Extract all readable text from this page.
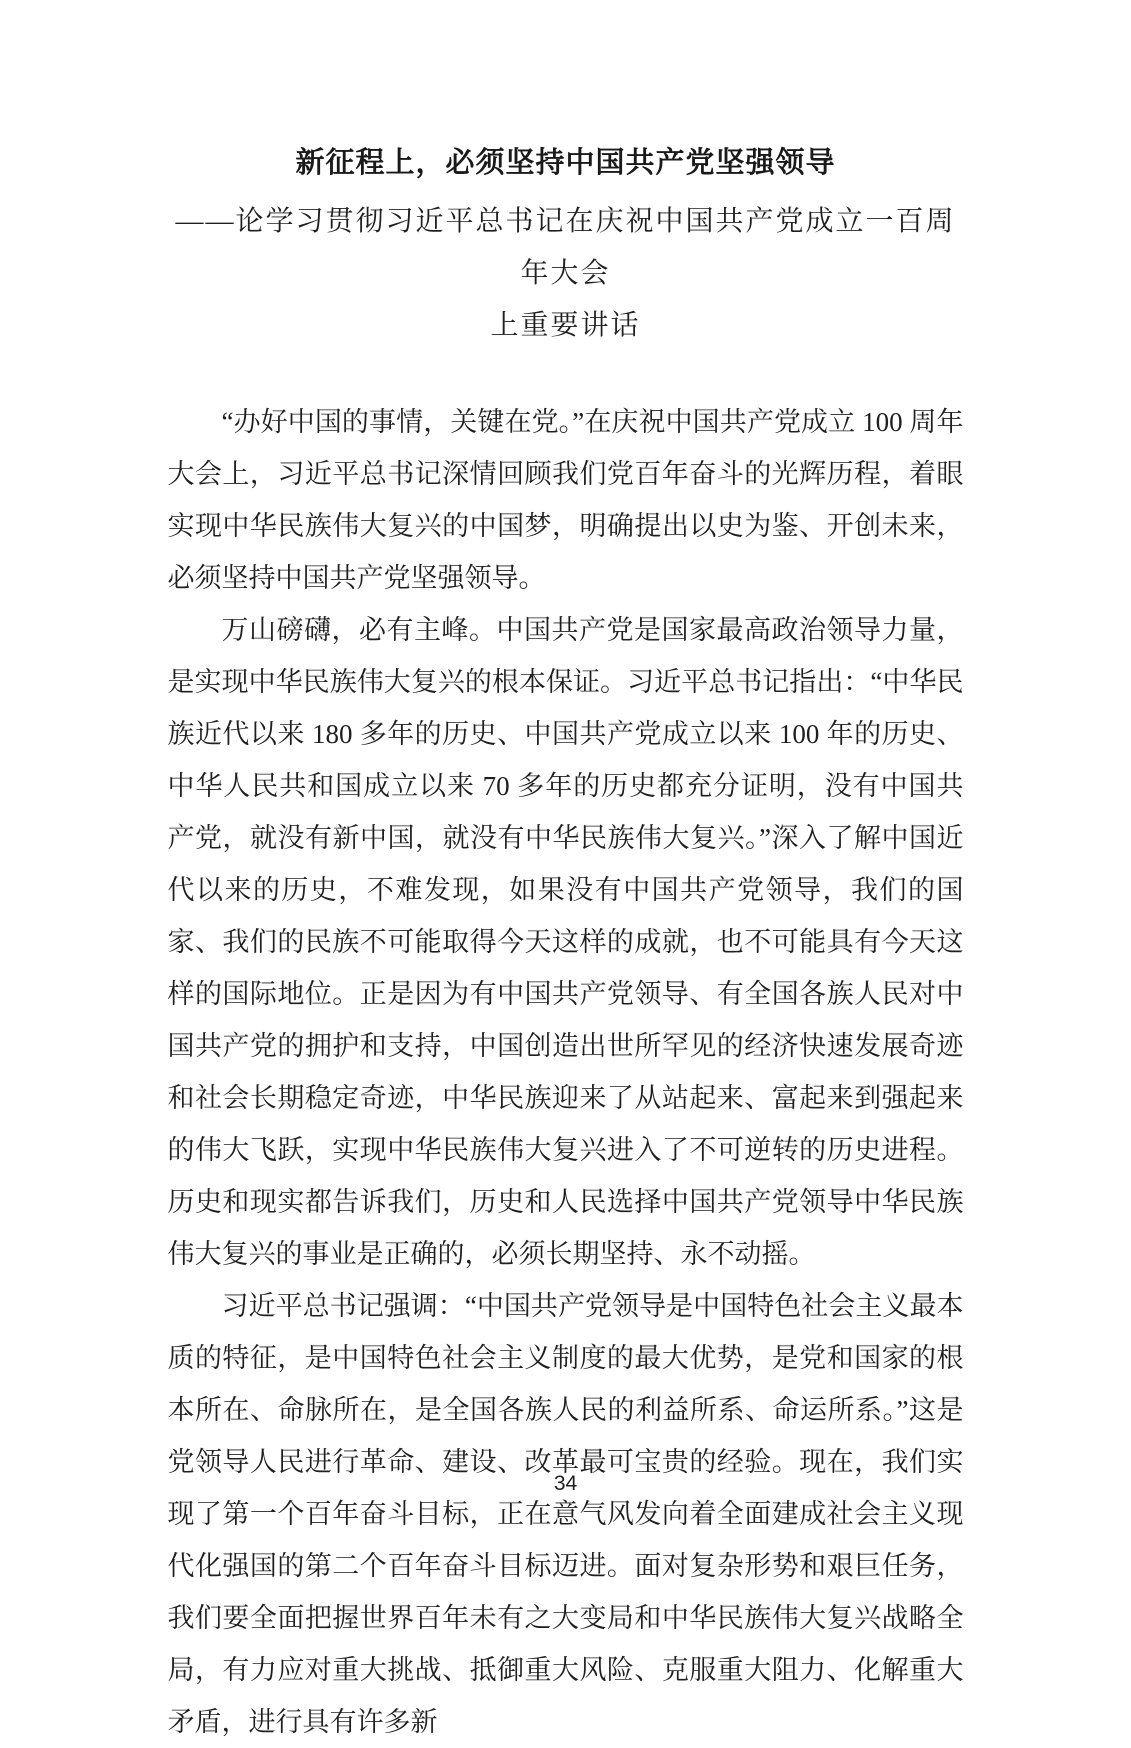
新征程上，必须坚持中国共产党坚强领导
——论学习贯彻习近平总书记在庆祝中国共产党成立一百周年大会
上重要讲话

“办好中国的事情，关键在党。”在庆祝中国共产党成立 100 周年大会上，习近平总书记深情回顾我们党百年奋斗的光辉历程，着眼实现中华民族伟大复兴的中国梦，明确提出以史为鉴、开创未来，必须坚持中国共产党坚强领导。

万山磅礴，必有主峰。中国共产党是国家最高政治领导力量，是实现中华民族伟大复兴的根本保证。习近平总书记指出：“中华民族近代以来 180 多年的历史、中国共产党成立以来 100 年的历史、中华人民共和国成立以来 70 多年的历史都充分证明，没有中国共产党，就没有新中国，就没有中华民族伟大复兴。”深入了解中国近代以来的历史，不难发现，如果没有中国共产党领导，我们的国家、我们的民族不可能取得今天这样的成就，也不可能具有今天这样的国际地位。正是因为有中国共产党领导、有全国各族人民对中国共产党的拥护和支持，中国创造出世所罕见的经济快速发展奇迹和社会长期稳定奇迹，中华民族迎来了从站起来、富起来到强起来的伟大飞跃，实现中华民族伟大复兴进入了不可逆转的历史进程。历史和现实都告诉我们，历史和人民选择中国共产党领导中华民族伟大复兴的事业是正确的，必须长期坚持、永不动摇。

习近平总书记强调：“中国共产党领导是中国特色社会主义最本质的特征，是中国特色社会主义制度的最大优势，是党和国家的根本所在、命脉所在，是全国各族人民的利益所系、命运所系。”这是党领导人民进行革命、建设、改革最可宝贵的经验。现在，我们实现了第一个百年奋斗目标，正在意气风发向着全面建成社会主义现代化强国的第二个百年奋斗目标迈进。面对复杂形势和艰巨任务，我们要全面把握世界百年未有之大变局和中华民族伟大复兴战略全局，有力应对重大挑战、抵御重大风险、克服重大阻力、化解重大矛盾，进行具有许多新

34
